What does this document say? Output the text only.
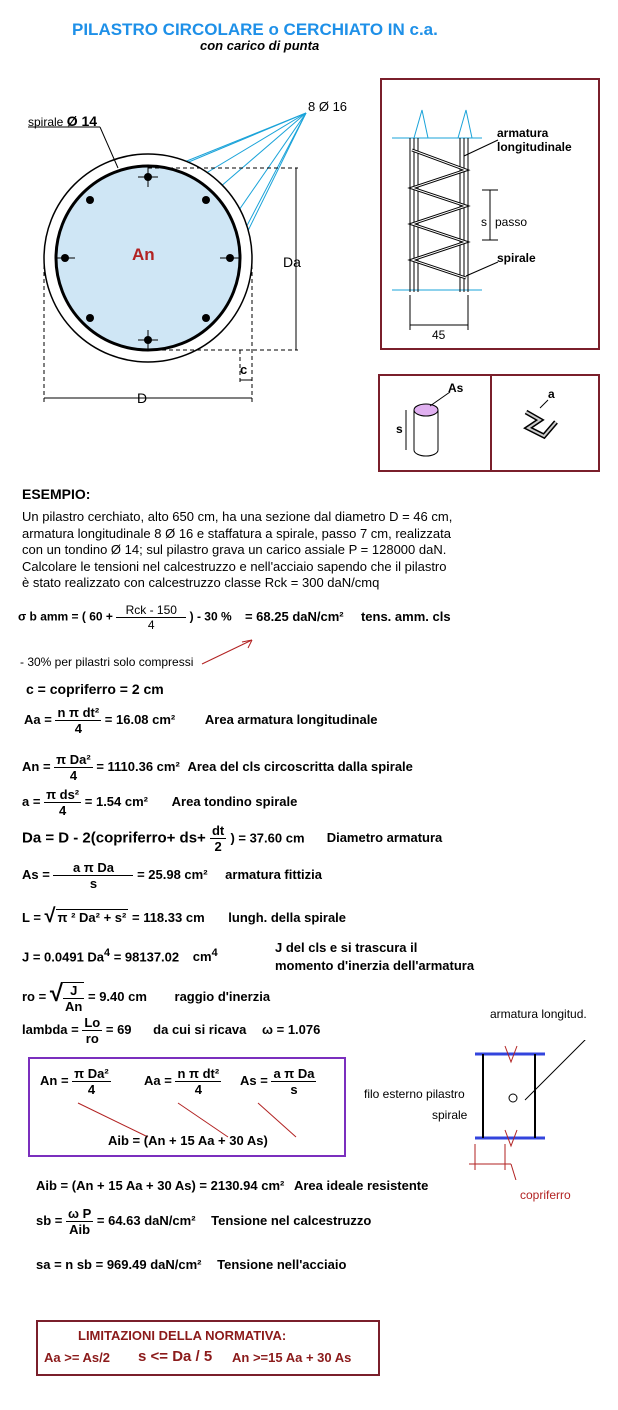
PILASTRO CIRCOLARE o CERCHIATO IN c.a.
con carico di punta
spirale Ø 14
8 Ø 16
An	Da
D
c
armatura
longitudinale
s passo
spirale
45
As
s
a
ESEMPIO:
Un pilastro cerchiato, alto 650 cm, ha una sezione dal diametro D = 46 cm,
armatura longitudinale 8 Ø 16 e staffatura a spirale, passo 7 cm, realizzata
con un tondino Ø 14; sul pilastro grava un carico assiale P = 128000 daN.
Calcolare le tensioni nel calcestruzzo e nell'acciaio sapendo che il pilastro
è stato realizzato con calcestruzzo classe Rck = 300 daN/cmq
σ b amm = ( $60 + \frac{\text{Rck - 150}}{4}$ ) - 30 % = 68.25 daN/cm² tens. amm. cls
- 30% per pilastri solo compressi
c = copriferro = 2 cm
$Aa = \frac{\text{n π dt²}}{4} = 16.08$ cm² Area armatura longitudinale
$An = \frac{\text{π Da²}}{4} = 1110.36$ cm² Area del cls circoscritta dalla spirale
$a = \frac{\text{π ds²}}{4} = 1.54$ cm² Area tondino spirale
Da = D - 2(copriferro+ $ds+ \frac{dt}{2}$ ) = 37.60 cm Diametro armatura
$As = \frac{\text{a π Da}}{s} = 25.98$ cm² armatura fittizia
L = √ π ² Da² + s² = 118.33 cm lungh. della spirale
J = 0.0491 $Da^4 = 98137.02$ $cm^4$	J del cls e si trascura il
momento d'inerzia dell'armatura
ro = √ $\frac{J}{An} = 9.40$ cm raggio d'inerzia
lambda = $\frac{Lo}{ro} = 69$ da cui si ricava ω = 1.076
$An = \frac{\text{π Da²}}{4}$	$Aa = \frac{\text{n π dt²}}{4}$ $As = \frac{\text{a π Da}}{s}$
Aib = (An + 15 Aa + 30 As)
armatura longitud.
filo esterno pilastro
spirale
copriferro
Aib = (An + 15 Aa + 30 As) = 2130.94 cm² Area ideale resistente
sb = $\frac{\text{ω P}}{\text{Aib}} = 64.63$ daN/cm² Tensione nel calcestruzzo
sa = n sb = 969.49 daN/cm² Tensione nell'acciaio
LIMITAZIONI DELLA NORMATIVA:
Aa >= As/2 s <= Da / 5 An >=15 Aa + 30 As
